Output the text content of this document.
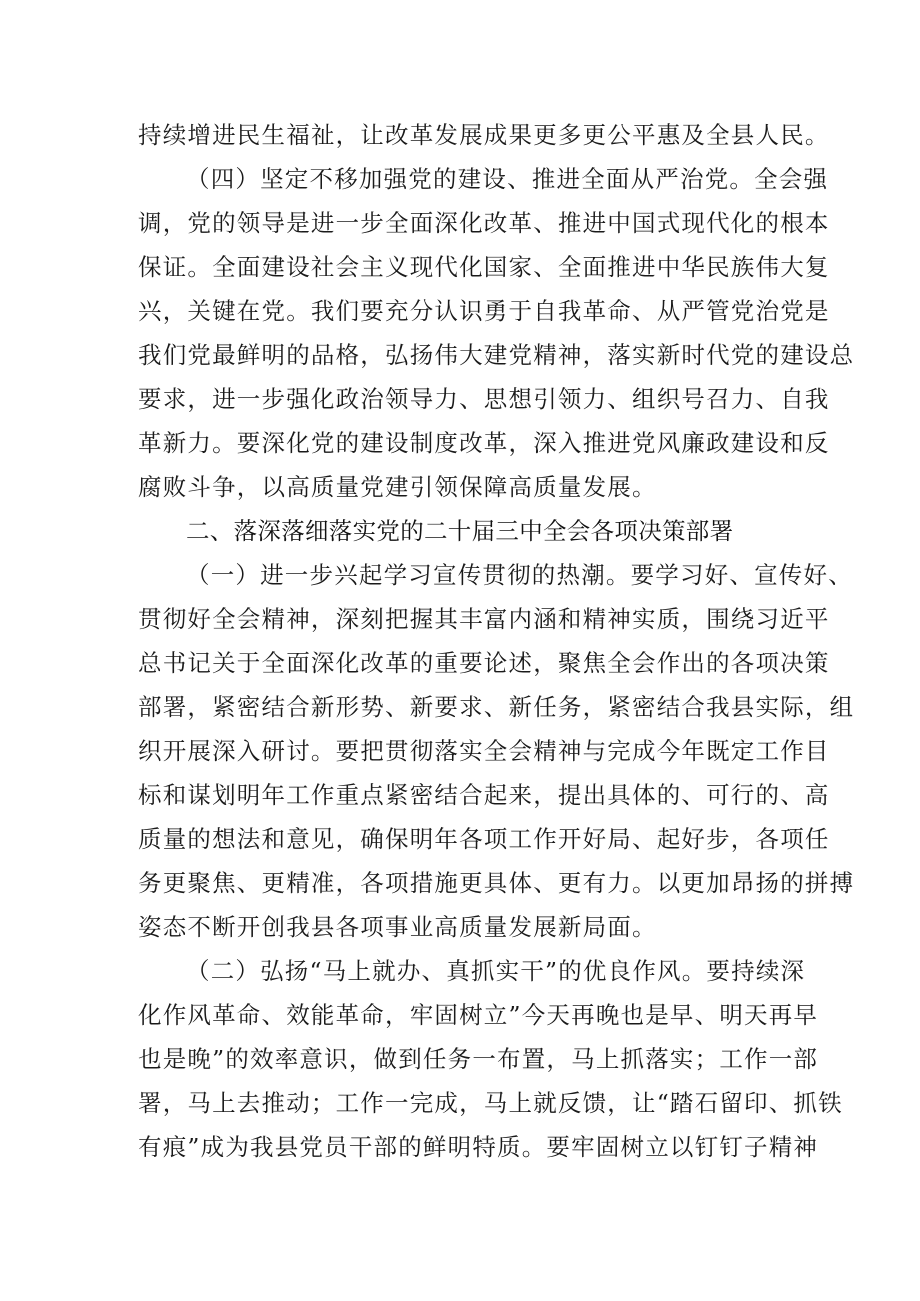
持续增进民生福祉，让改革发展成果更多更公平惠及全县人民。
（四）坚定不移加强党的建设、推进全面从严治党。全会强
调，党的领导是进一步全面深化改革、推进中国式现代化的根本
保证。全面建设社会主义现代化国家、全面推进中华民族伟大复
兴，关键在党。我们要充分认识勇于自我革命、从严管党治党是
我们党最鲜明的品格，弘扬伟大建党精神，落实新时代党的建设总
要求，进一步强化政治领导力、思想引领力、组织号召力、自我
革新力。要深化党的建设制度改革，深入推进党风廉政建设和反
腐败斗争，以高质量党建引领保障高质量发展。
二、落深落细落实党的二十届三中全会各项决策部署
（一）进一步兴起学习宣传贯彻的热潮。要学习好、宣传好、
贯彻好全会精神，深刻把握其丰富内涵和精神实质，围绕习近平
总书记关于全面深化改革的重要论述，聚焦全会作出的各项决策
部署，紧密结合新形势、新要求、新任务，紧密结合我县实际，组
织开展深入研讨。要把贯彻落实全会精神与完成今年既定工作目
标和谋划明年工作重点紧密结合起来，提出具体的、可行的、高
质量的想法和意见，确保明年各项工作开好局、起好步，各项任
务更聚焦、更精准，各项措施更具体、更有力。以更加昂扬的拼搏
姿态不断开创我县各项事业高质量发展新局面。
（二）弘扬“马上就办、真抓实干”的优良作风。要持续深
化作风革命、效能革命，牢固树立”今天再晚也是早、明天再早
也是晚”的效率意识，做到任务一布置，马上抓落实；工作一部
署，马上去推动；工作一完成，马上就反馈，让“踏石留印、抓铁
有痕”成为我县党员干部的鲜明特质。要牢固树立以钉钉子精神
